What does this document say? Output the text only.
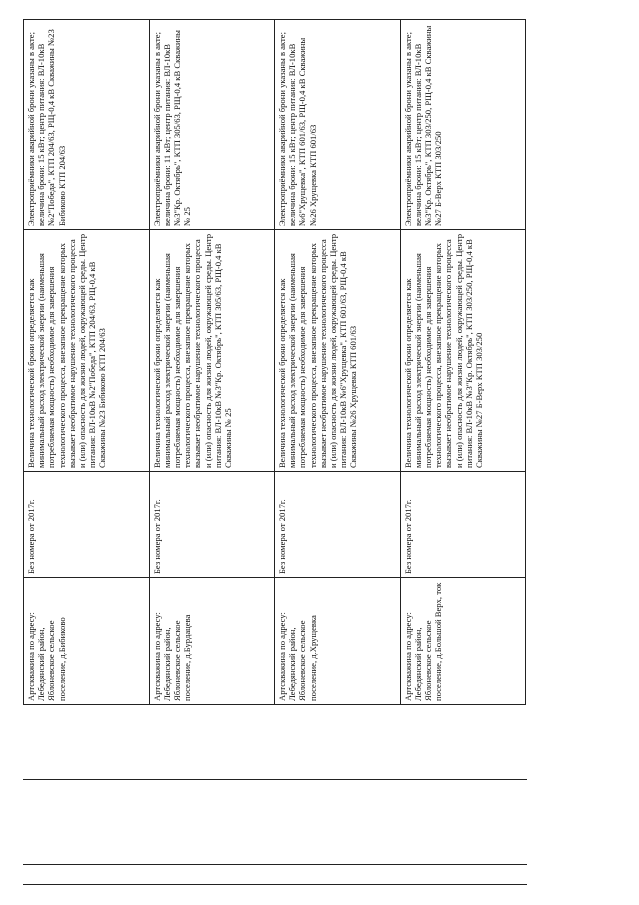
Артскважина по адресу: Лебедянский район, Яблоневское сельское поселение, д.Бибиково	Без номера от 2017г.	Величина технологической брони определяется как минимальный расход электрической энергии (наименьшая потребляемая мощность) необходимое для завершения технологического процесса, внезапное прекращение которых вызывает необратимое нарушение технологического процесса и (или) опасность для жизни людей, окружающей среды. Центр питания: ВЛ-10кВ №2"Победа", КТП 204/63, РЩ-0,4 кВ Скважины №23 Бибиково КТП 204/63	Электроприёмники аварийной брони указаны в акте; величина брони: 15 кВт; центр питания: ВЛ-10кВ №2"Победа", КТП 204/63, РЩ-0,4 кВ Скважины №23 Бибиково КТП 204/63

Артскважина по адресу: Лебедянский район, Яблоневское сельское поселение, д.Бурдацева	Без номера от 2017г.	Величина технологической брони определяется как минимальный расход электрической энергии (наименьшая потребляемая мощность) необходимое для завершения технологического процесса, внезапное прекращение которых вызывает необратимое нарушение технологического процесса и (или) опасность для жизни людей, окружающей среды. Центр питания: ВЛ-10кВ №3"Кр. Октябрь", КТП 305/63, РЩ-0,4 кВ Скважины № 25	Электроприёмники аварийной брони указаны в акте; величина брони: 11 кВт; центр питания: ВЛ-10кВ №3"Кр. Октябрь", КТП 305/63, РЩ-0,4 кВ Скважины № 25

Артскважина по адресу: Лебедянский район, Яблоневское сельское поселение, д.Хрущевка	Без номера от 2017г.	Величина технологической брони определяется как минимальный расход электрической энергии (наименьшая потребляемая мощность) необходимое для завершения технологического процесса, внезапное прекращение которых вызывает необратимое нарушение технологического процесса и (или) опасность для жизни людей, окружающей среды. Центр питания: ВЛ-10кВ №6"Хрущевка", КТП 601/63, РЩ-0,4 кВ Скважины №26 Хрущевка КТП 601/63	Электроприёмники аварийной брони указаны в акте; величина брони: 15 кВт; центр питания: ВЛ-10кВ №6"Хрущевка", КТП 601/63, РЩ-0,4 кВ Скважины №26 Хрущевка КТП 601/63

Артскважина по адресу: Лебедянский район, Яблоневское сельское поселение, д.Большой Верх, ток	Без номера от 2017г.	Величина технологической брони определяется как минимальный расход электрической энергии (наименьшая потребляемая мощность) необходимое для завершения технологического процесса, внезапное прекращение которых вызывает необратимое нарушение технологического процесса и (или) опасность для жизни людей, окружающей среды. Центр питания: ВЛ-10кВ №3"Кр. Октябрь", КТП 303/250, РЩ-0,4 кВ Скважины №27 Б-Верх КТП 303/250	Электроприёмники аварийной брони указаны в акте; величина брони: 15 кВт; центр питания: ВЛ-10кВ №3"Кр. Октябрь", КТП 303/250, РЩ-0,4 кВ Скважины №27 Б-Верх КТП 303/250
